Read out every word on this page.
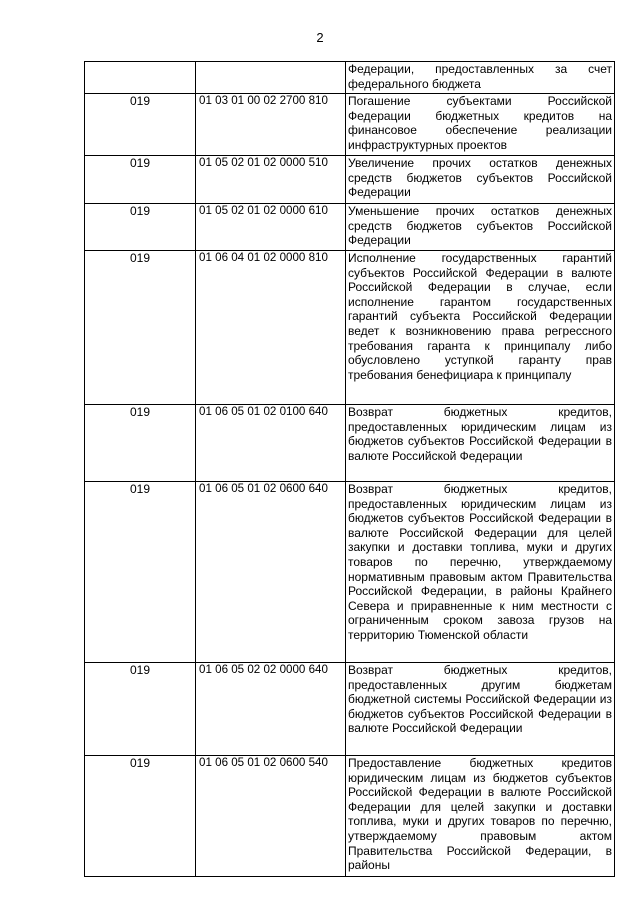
2
		Федерации, предоставленных за счет федерального бюджета
019	01 03 01 00 02 2700 810	Погашение субъектами Российской Федерации бюджетных кредитов на финансовое обеспечение реализации инфраструктурных проектов
019	01 05 02 01 02 0000 510	Увеличение прочих остатков денежных средств бюджетов субъектов Российской Федерации
019	01 05 02 01 02 0000 610	Уменьшение прочих остатков денежных средств бюджетов субъектов Российской Федерации
019	01 06 04 01 02 0000 810	Исполнение государственных гарантий субъектов Российской Федерации в валюте Российской Федерации в случае, если исполнение гарантом государственных гарантий субъекта Российской Федерации ведет к возникновению права регрессного требования гаранта к принципалу либо обусловлено уступкой гаранту прав требования бенефициара к принципалу
019	01 06 05 01 02 0100 640	Возврат бюджетных кредитов, предоставленных юридическим лицам из бюджетов субъектов Российской Федерации в валюте Российской Федерации
019	01 06 05 01 02 0600 640	Возврат бюджетных кредитов, предоставленных юридическим лицам из бюджетов субъектов Российской Федерации в валюте Российской Федерации для целей закупки и доставки топлива, муки и других товаров по перечню, утверждаемому нормативным правовым актом Правительства Российской Федерации, в районы Крайнего Севера и приравненные к ним местности с ограниченным сроком завоза грузов на территорию Тюменской области
019	01 06 05 02 02 0000 640	Возврат бюджетных кредитов, предоставленных другим бюджетам бюджетной системы Российской Федерации из бюджетов субъектов Российской Федерации в валюте Российской Федерации
019	01 06 05 01 02 0600 540	Предоставление бюджетных кредитов юридическим лицам из бюджетов субъектов Российской Федерации в валюте Российской Федерации для целей закупки и доставки топлива, муки и других товаров по перечню, утверждаемому правовым актом Правительства Российской Федерации, в районы
